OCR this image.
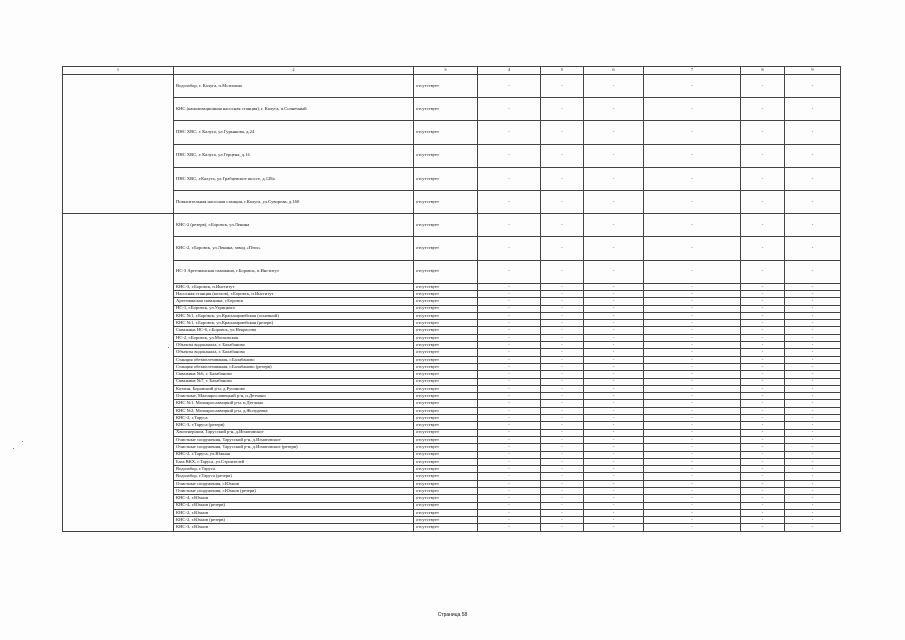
1	2	3	4	5	6	7	8	9
	Водозабор, г. Калуга, п.Мстихино	отсутствует	-	-	-	-	-	-
	КНС (канализационная насосная станция), г. Калуга, п.Солнечный	отсутствует	-	-	-	-	-	-
	ПНС ХВС, г. Калуга, ул.Гурьянова, д.24	отсутствует	-	-	-	-	-	-
	ПНС ХВС, г. Калуга, ул.Герцена, д.14	отсутствует	-	-	-	-	-	-
	ПНС ХВС, г.Калуга, ул.Грабцевское шоссе, д.128а	отсутствует	-	-	-	-	-	-
	Повысительная насосная станция, г.Калуга, ул.Суворова, д.160	отсутствует	-	-	-	-	-	-
	КНС-2 (резерв), г.Боровск, ул.Ленина	отсутствует	-	-	-	-	-	-
	КНС-2, г.Боровск, ул.Ленина, завод «Птох»	отсутствует	-	-	-	-	-	-
	НС-3 Артезианская скважина, г.Боровск, п.Институт	отсутствует	-	-	-	-	-	-
	КНС-3, г.Боровск, п.Институт	отсутствует	-	-	-	-	-	-
	Насосная станция (котлов), г.Боровск, п.Институт	отсутствует	-	-	-	-	-	-
	Артезианская скважина, г.Боровск	отсутствует	-	-	-	-	-	-
	НС-1, г.Боровск, ул.Угрицкого	отсутствует	-	-	-	-	-	-
	КНС №1, г.Боровск, ул.Красноармейская (основной)	отсутствует	-	-	-	-	-	-
	КНС №1, г.Боровск, ул.Красноармейская (резерв)	отсутствует	-	-	-	-	-	-
	Скважина НС-6, г.Боровск, ул.Некрасова	отсутствует	-	-	-	-	-	-
	НС-2, г.Боровск, ул.Московская	отсутствует	-	-	-	-	-	-
	Объекты водоканала, г. Балабаново	отсутствует	-	-	-	-	-	-
	Объекты водоканала, г. Балабаново	отсутствует	-	-	-	-	-	-
	Станция обезжелезивания, г.Балабаново	отсутствует	-	-	-	-	-	-
	Станция обезжелезивания, г.Балабаново (резерв)	отсутствует	-	-	-	-	-	-
	Скважина №6, г. Балабаново	отсутствует	-	-	-	-	-	-
	Скважина №7, г. Балабаново	отсутствует	-	-	-	-	-	-
	Котлин, Боровский р-н, д.Русиново	отсутствует	-	-	-	-	-	-
	Очистные, Малоярославецкий р-н, п.Детчино	отсутствует	-	-	-	-	-	-
	КНС №1, Малоярославецкий р-н, п.Детчино	отсутствует	-	-	-	-	-	-
	КНС №2, Малоярославецкий р-н, д.Жолудевка	отсутствует	-	-	-	-	-	-
	КНС-2, г.Таруса	отсутствует	-	-	-	-	-	-
	КНС-3, г.Таруса (резерв)	отсутствует	-	-	-	-	-	-
	Хвоэгнершом, Тарусский р-н, д.Игнатовское	отсутствует	-	-	-	-	-	-
	Очистные сооружения, Тарусский р-н, д.Игнатовское	отсутствует	-	-	-	-	-	-
	Очистные сооружения, Тарусский р-н, д.Игнатовское (резерв)	отсутствует	-	-	-	-	-	-
	КНС-2, г.Таруса, ул.Южная	отсутствует	-	-	-	-	-	-
	База ВКХ, г.Таруса, ул.Строителей	отсутствует	-	-	-	-	-	-
	Водозабор, г.Таруса	отсутствует	-	-	-	-	-	-
	Водозабор, г.Таруса (резерв)	отсутствует	-	-	-	-	-	-
	Очистные сооружения, г.Юхнов	отсутствует	-	-	-	-	-	-
	Очистные сооружения, г.Юхнов (резерв)	отсутствует	-	-	-	-	-	-
	КНС-4, г.Юхнов	отсутствует	-	-	-	-	-	-
	КНС-4, г.Юхнов (резерв)	отсутствует	-	-	-	-	-	-
	КНС-2, г.Юхнов	отсутствует	-	-	-	-	-	-
	КНС-2, г.Юхнов (резерв)	отсутствует	-	-	-	-	-	-
	КНС-3, г.Юхнов	отсутствует	-	-	-	-	-	-
Страница 58
